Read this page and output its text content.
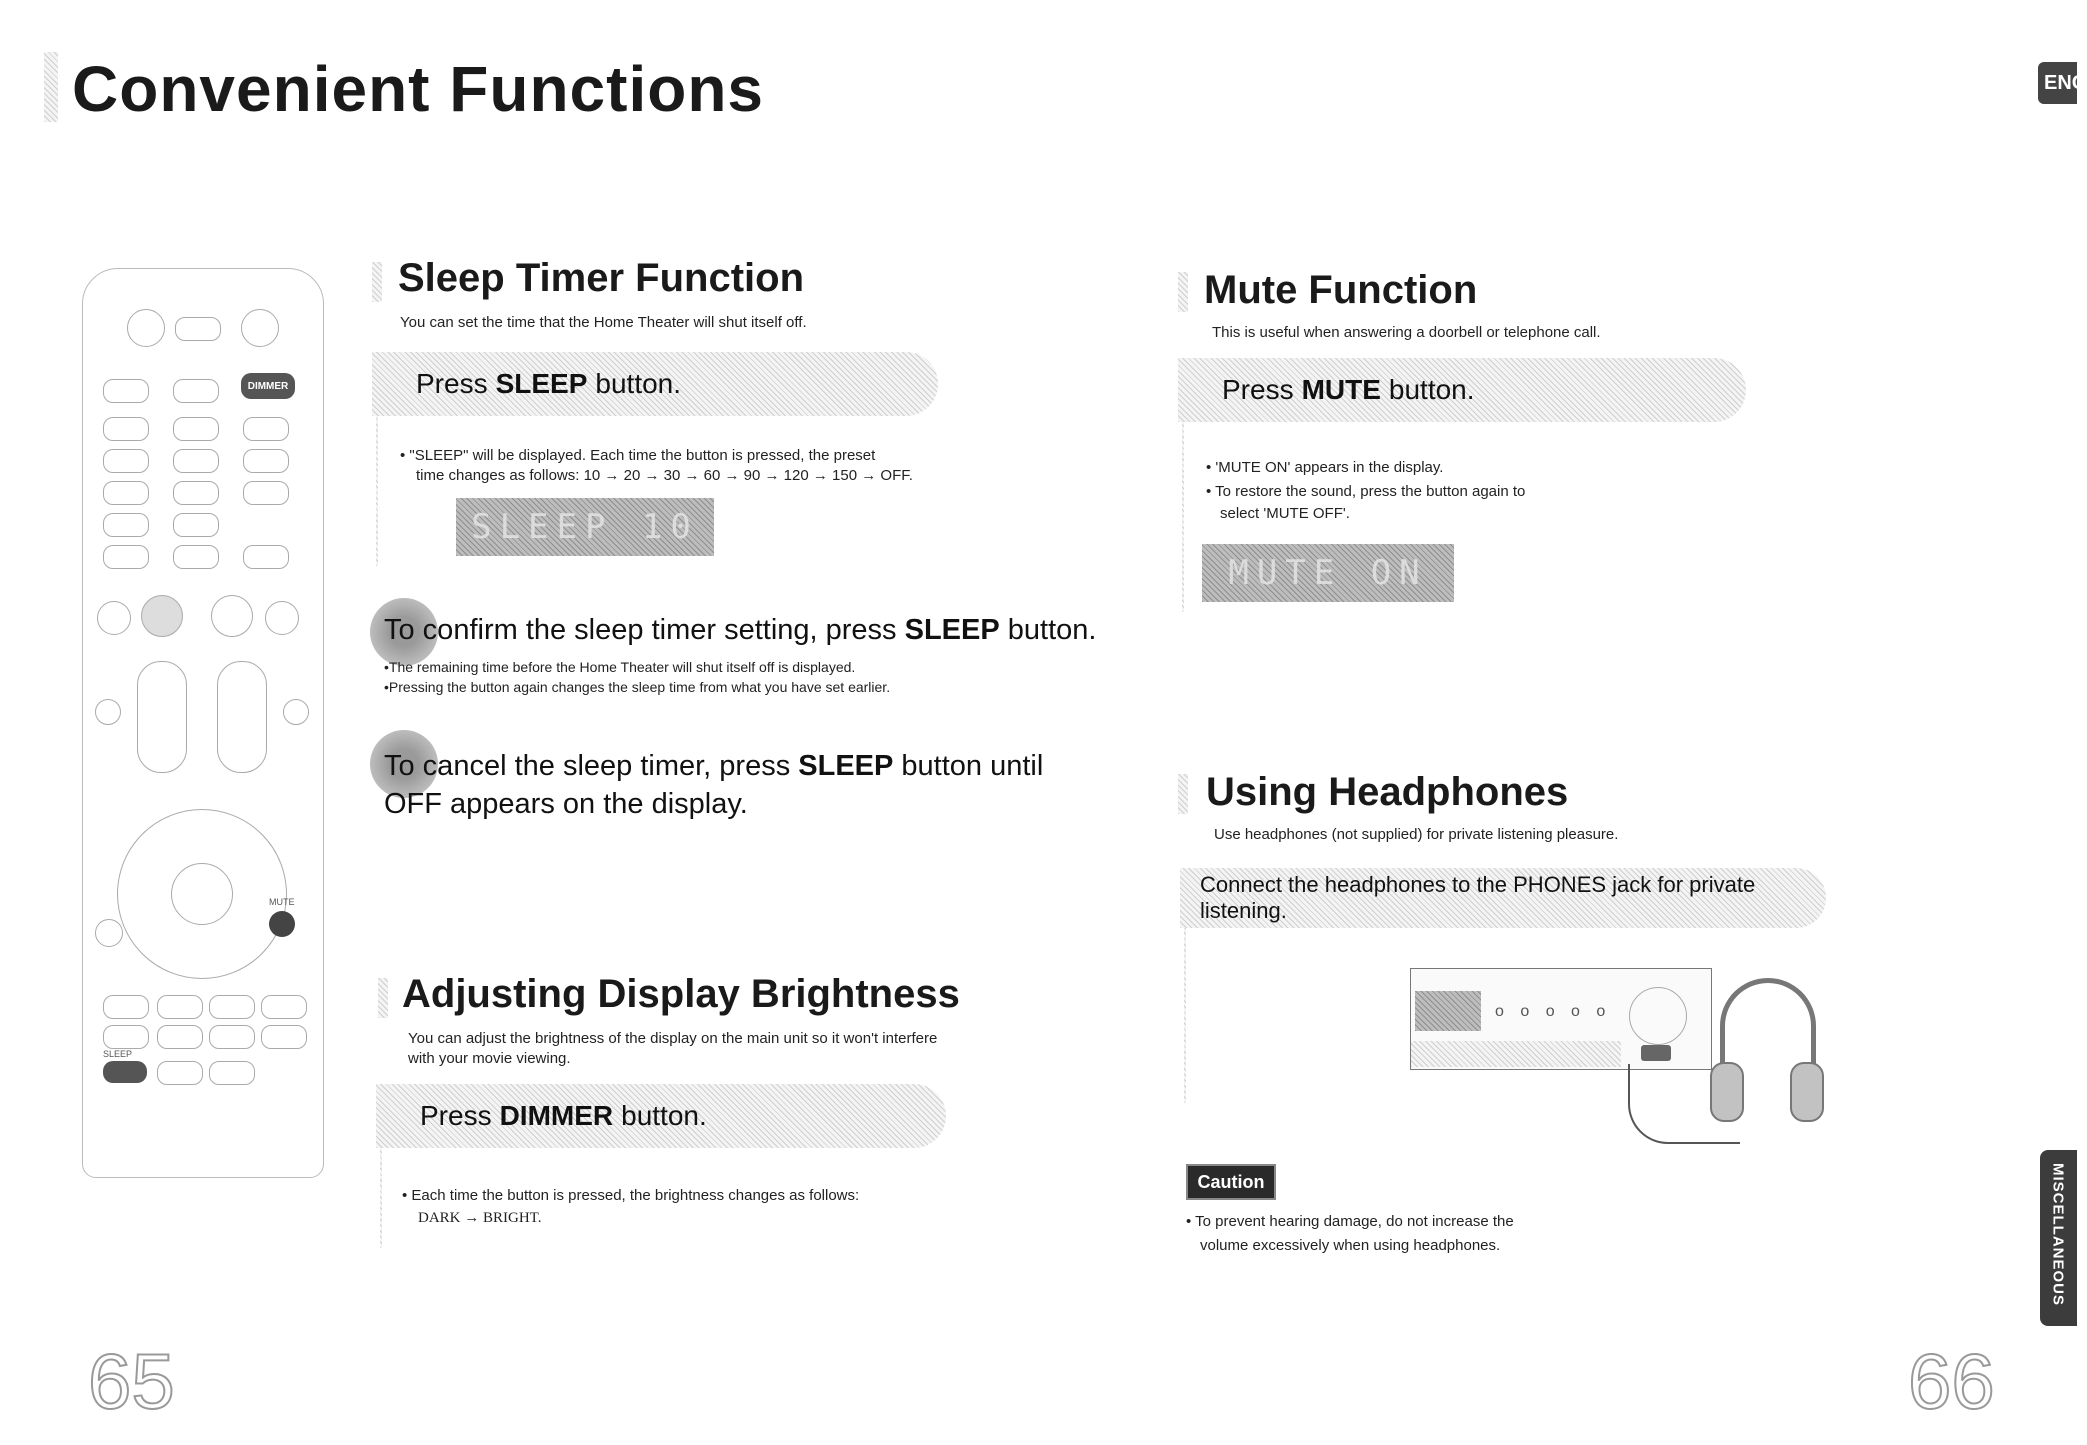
Convenient Functions	ENG
DIMMER
MUTE
SLEEP
Sleep Timer Function
You can set the time that the Home Theater will shut itself off.
Press SLEEP button.
• "SLEEP" will be displayed. Each time the button is pressed, the preset
time changes as follows: 10 → 20 → 30 → 60 → 90 → 120 → 150 → OFF.
SLEEP 10
To confirm the sleep timer setting, press SLEEP button.
•The remaining time before the Home Theater will shut itself off is displayed.
•Pressing the button again changes the sleep time from what you have set earlier.
To cancel the sleep timer, press SLEEP button until
OFF appears on the display.
Adjusting Display Brightness
You can adjust the brightness of the display on the main unit so it won't interfere
with your movie viewing.
Press DIMMER button.
• Each time the button is pressed, the brightness changes as follows:
DARK → BRIGHT.
Mute Function
This is useful when answering a doorbell or telephone call.
Press MUTE button.
• 'MUTE ON' appears in the display.
• To restore the sound, press the button again to
select 'MUTE OFF'.
MUTE ON
Using Headphones
Use headphones (not supplied) for private listening pleasure.
Connect the headphones to the PHONES jack for private listening.
o o o o o
Caution
• To prevent hearing damage, do not increase the
volume excessively when using headphones.	MISCELLANEOUS
65	66
